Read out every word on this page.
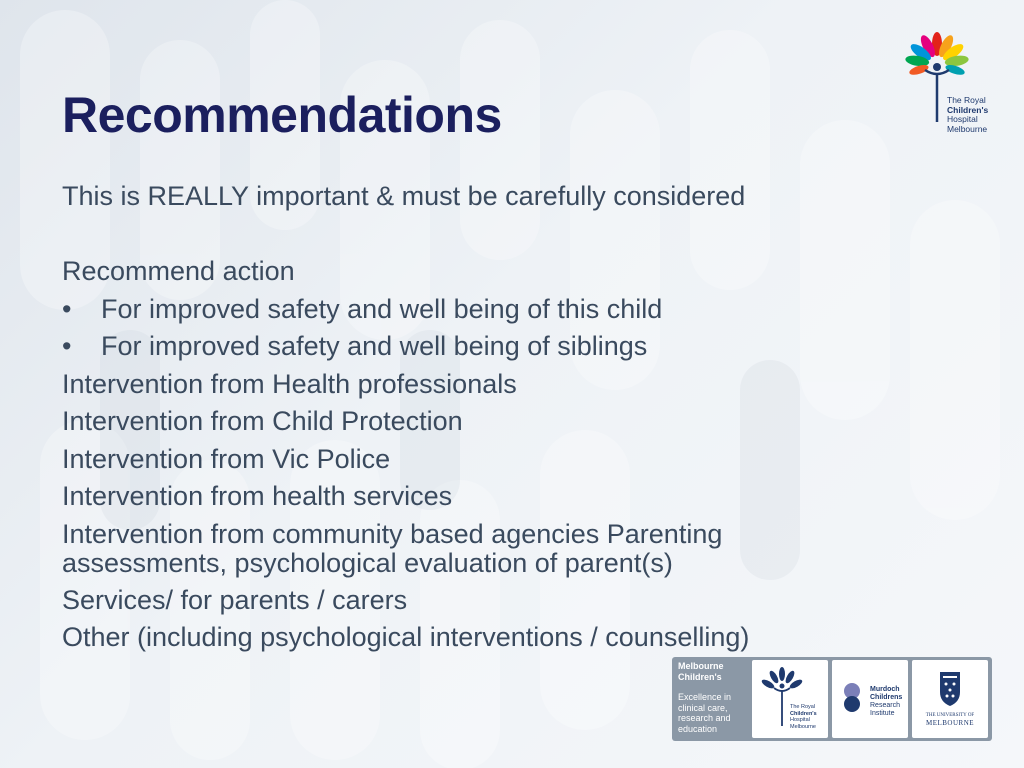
The Royal
Children's
Hospital
Melbourne
Recommendations

This is REALLY important & must be carefully considered

Recommend action

•	For improved safety and well being of this child
•	For improved safety and well being of siblings

Intervention from Health professionals

Intervention from Child Protection

Intervention from Vic Police

Intervention from health services

Intervention from community based agencies Parenting assessments, psychological evaluation of parent(s)

Services/ for parents / carers

Other (including psychological interventions / counselling)

Melbourne
Children's
Excellence in
clinical care,
research and
education
The Royal
Children's
Hospital
Melbourne
Murdoch
Childrens
Research
Institute	THE UNIVERSITY OF
MELBOURNE
